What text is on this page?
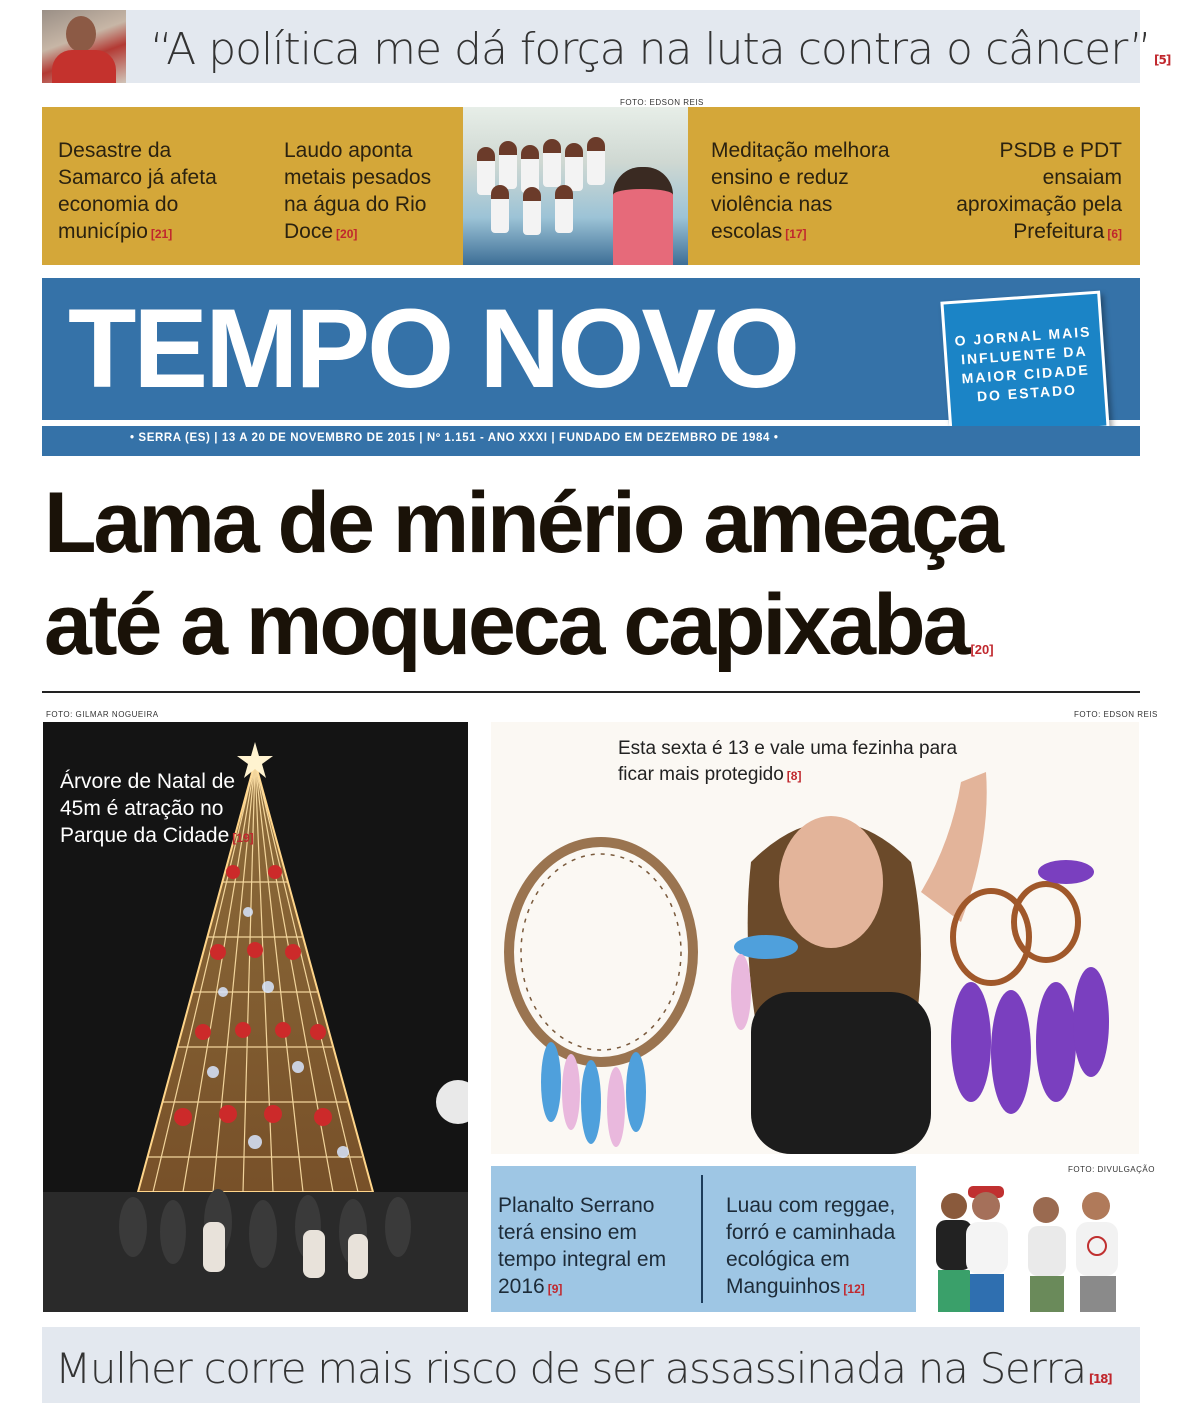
“A política me dá força na luta contra o câncer” [5]
Desastre da Samarco já afeta economia do município [21]
Laudo aponta metais pesados na água do Rio Doce [20]
FOTO: EDSON REIS
Meditação melhora ensino e reduz violência nas escolas [17]
PSDB e PDT ensaiam aproximação pela Prefeitura [6]
TEMPO NOVO	O JORNAL MAIS INFLUENTE DA MAIOR CIDADE DO ESTADO
• SERRA (ES) | 13 A 20 DE NOVEMBRO DE 2015 | Nº 1.151 - ANO XXXI | FUNDADO EM DEZEMBRO DE 1984 •
Lama de minério ameaça
até a moqueca capixaba [20]
FOTO: GILMAR NOGUEIRA	FOTO: EDSON REIS
Árvore de Natal de 45m é atração no Parque da Cidade [19]
Esta sexta é 13 e vale uma fezinha para ficar mais protegido [8]
Planalto Serrano terá ensino em tempo integral em 2016 [9]
Luau com reggae, forró e caminhada ecológica em Manguinhos [12]
FOTO: DIVULGAÇÃO
Mulher corre mais risco de ser assassinada na Serra [18]
